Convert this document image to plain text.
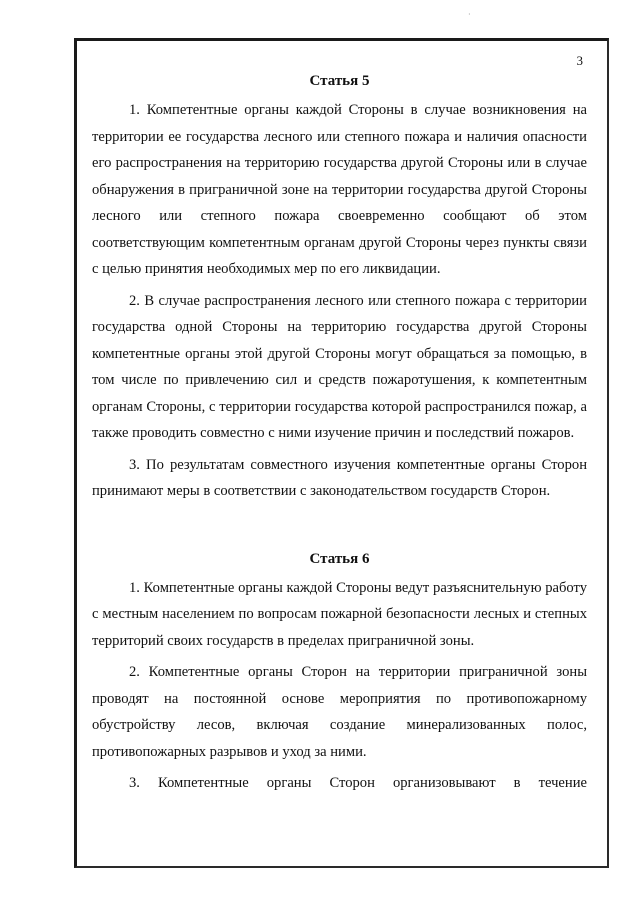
·
3
Статья 5

1. Компетентные органы каждой Стороны в случае возникновения на территории ее государства лесного или степного пожара и наличия опасности его распространения на территорию государства другой Стороны или в случае обнаружения в приграничной зоне на территории государства другой Стороны лесного или степного пожара своевременно сообщают об этом соответствующим компетентным органам другой Стороны через пункты связи с целью принятия необходимых мер по его ликвидации.

2. В случае распространения лесного или степного пожара с территории государства одной Стороны на территорию государства другой Стороны компетентные органы этой другой Стороны могут обращаться за помощью, в том числе по привлечению сил и средств пожаротушения, к компетентным органам Стороны, с территории государства которой распространился пожар, а также проводить совместно с ними изучение причин и последствий пожаров.

3. По результатам совместного изучения компетентные органы Сторон принимают меры в соответствии с законодательством государств Сторон.

Статья 6

1. Компетентные органы каждой Стороны ведут разъяснительную работу с местным населением по вопросам пожарной безопасности лесных и степных территорий своих государств в пределах приграничной зоны.

2. Компетентные органы Сторон на территории приграничной зоны проводят на постоянной основе мероприятия по противопожарному обустройству лесов, включая создание минерализованных полос, противопожарных разрывов и уход за ними.

3. Компетентные органы Сторон организовывают в течение
